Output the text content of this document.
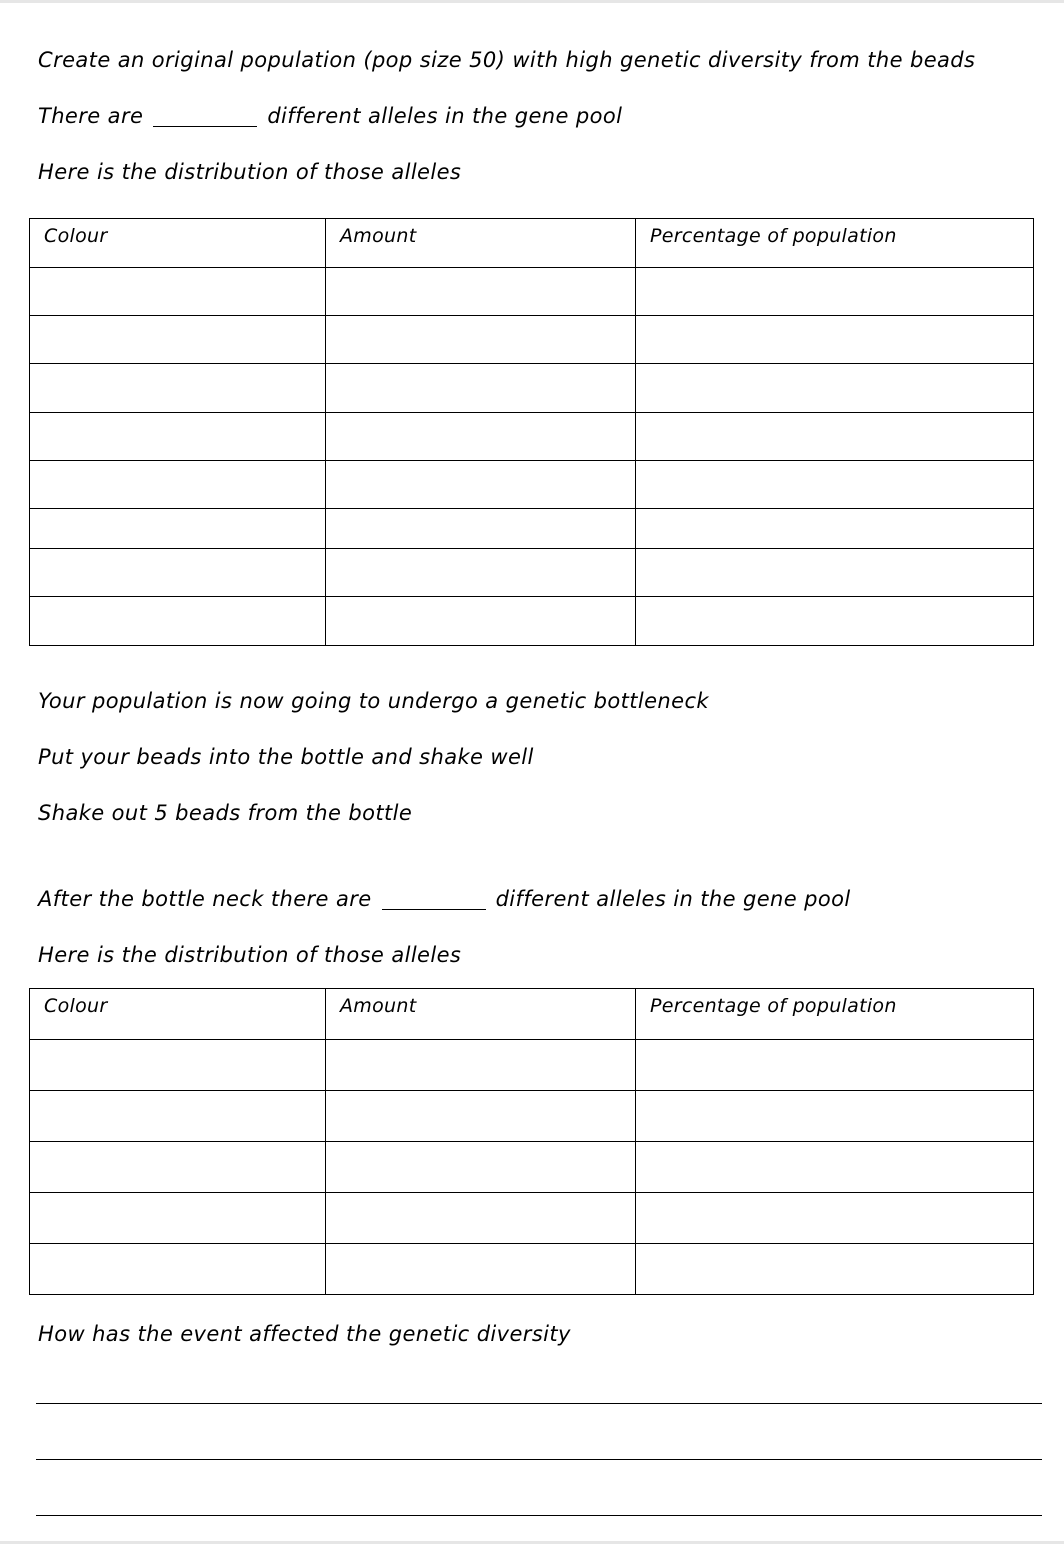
Create an original population (pop size 50) with high genetic diversity from the beads
There are	different alleles in the gene pool
Here is the distribution of those alleles
Colour	Amount	Percentage of population

Your population is now going to undergo a genetic bottleneck
Put your beads into the bottle and shake well
Shake out 5 beads from the bottle
After the bottle neck there are	different alleles in the gene pool
Here is the distribution of those alleles
Colour	Amount	Percentage of population

How has the event affected the genetic diversity
